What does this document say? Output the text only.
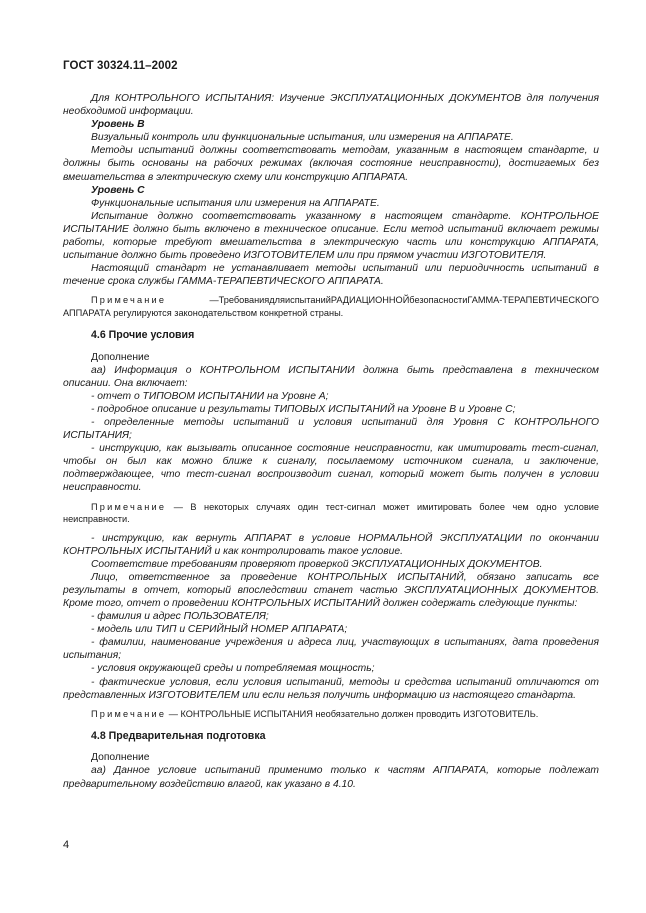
ГОСТ 30324.11–2002

Для КОНТРОЛЬНОГО ИСПЫТАНИЯ: Изучение ЭКСПЛУАТАЦИОННЫХ ДОКУМЕНТОВ для получения необходимой информации.

Уровень В

Визуальный контроль или функциональные испытания, или измерения на АППАРАТЕ.

Методы испытаний должны соответствовать методам, указанным в настоящем стандарте, и должны быть основаны на рабочих режимах (включая состояние неисправности), достигаемых без вмешательства в электрическую схему или конструкцию АППАРАТА.

Уровень С

Функциональные испытания или измерения на АППАРАТЕ.

Испытание должно соответствовать указанному в настоящем стандарте. КОНТРОЛЬНОЕ ИСПЫТАНИЕ должно быть включено в техническое описание. Если метод испытаний включает режимы работы, которые требуют вмешательства в электрическую часть или конструкцию АППАРАТА, испытание должно быть проведено ИЗГОТОВИТЕЛЕМ или при прямом участии ИЗГОТОВИТЕЛЯ.

Настоящий стандарт не устанавливает методы испытаний или периодичность испытаний в течение срока службы ГАММА-ТЕРАПЕВТИЧЕСКОГО АППАРАТА.

Примечание —ТребованиядляиспытанийРАДИАЦИОННОЙбезопасностиГАММА-ТЕРАПЕВТИЧЕСКОГО АППАРАТА регулируются законодательством конкретной страны.

4.6 Прочие условия

Дополнение

аа) Информация о КОНТРОЛЬНОМ ИСПЫТАНИИ должна быть представлена в техническом описании. Она включает:

- отчет о ТИПОВОМ ИСПЫТАНИИ на Уровне А;

- подробное описание и результаты ТИПОВЫХ ИСПЫТАНИЙ на Уровне В и Уровне С;

- определенные методы испытаний и условия испытаний для Уровня С КОНТРОЛЬНОГО ИСПЫТАНИЯ;

- инструкцию, как вызывать описанное состояние неисправности, как имитировать тест-сигнал, чтобы он был как можно ближе к сигналу, посылаемому источником сигнала, и заключение, подтверждающее, что тест-сигнал воспроизводит сигнал, который может быть получен в условии неисправности.

Примечание — В некоторых случаях один тест-сигнал может имитировать более чем одно условие неисправности.

- инструкцию, как вернуть АППАРАТ в условие НОРМАЛЬНОЙ ЭКСПЛУАТАЦИИ по окончании КОНТРОЛЬНЫХ ИСПЫТАНИЙ и как контролировать такое условие.

Соответствие требованиям проверяют проверкой ЭКСПЛУАТАЦИОННЫХ ДОКУМЕНТОВ.

Лицо, ответственное за проведение КОНТРОЛЬНЫХ ИСПЫТАНИЙ, обязано записать все результаты в отчет, который впоследствии станет частью ЭКСПЛУАТАЦИОННЫХ ДОКУМЕНТОВ. Кроме того, отчет о проведении КОНТРОЛЬНЫХ ИСПЫТАНИЙ должен содержать следующие пункты:

- фамилия и адрес ПОЛЬЗОВАТЕЛЯ;

- модель или ТИП и СЕРИЙНЫЙ НОМЕР АППАРАТА;

- фамилии, наименование учреждения и адреса лиц, участвующих в испытаниях, дата проведения испытания;

- условия окружающей среды и потребляемая мощность;

- фактические условия, если условия испытаний, методы и средства испытаний отличаются от представленных ИЗГОТОВИТЕЛЕМ или если нельзя получить информацию из настоящего стандарта.

Примечание — КОНТРОЛЬНЫЕ ИСПЫТАНИЯ необязательно должен проводить ИЗГОТОВИТЕЛЬ.

4.8 Предварительная подготовка

Дополнение

аа) Данное условие испытаний применимо только к частям АППАРАТА, которые подлежат предварительному воздействию влагой, как указано в 4.10.

4
